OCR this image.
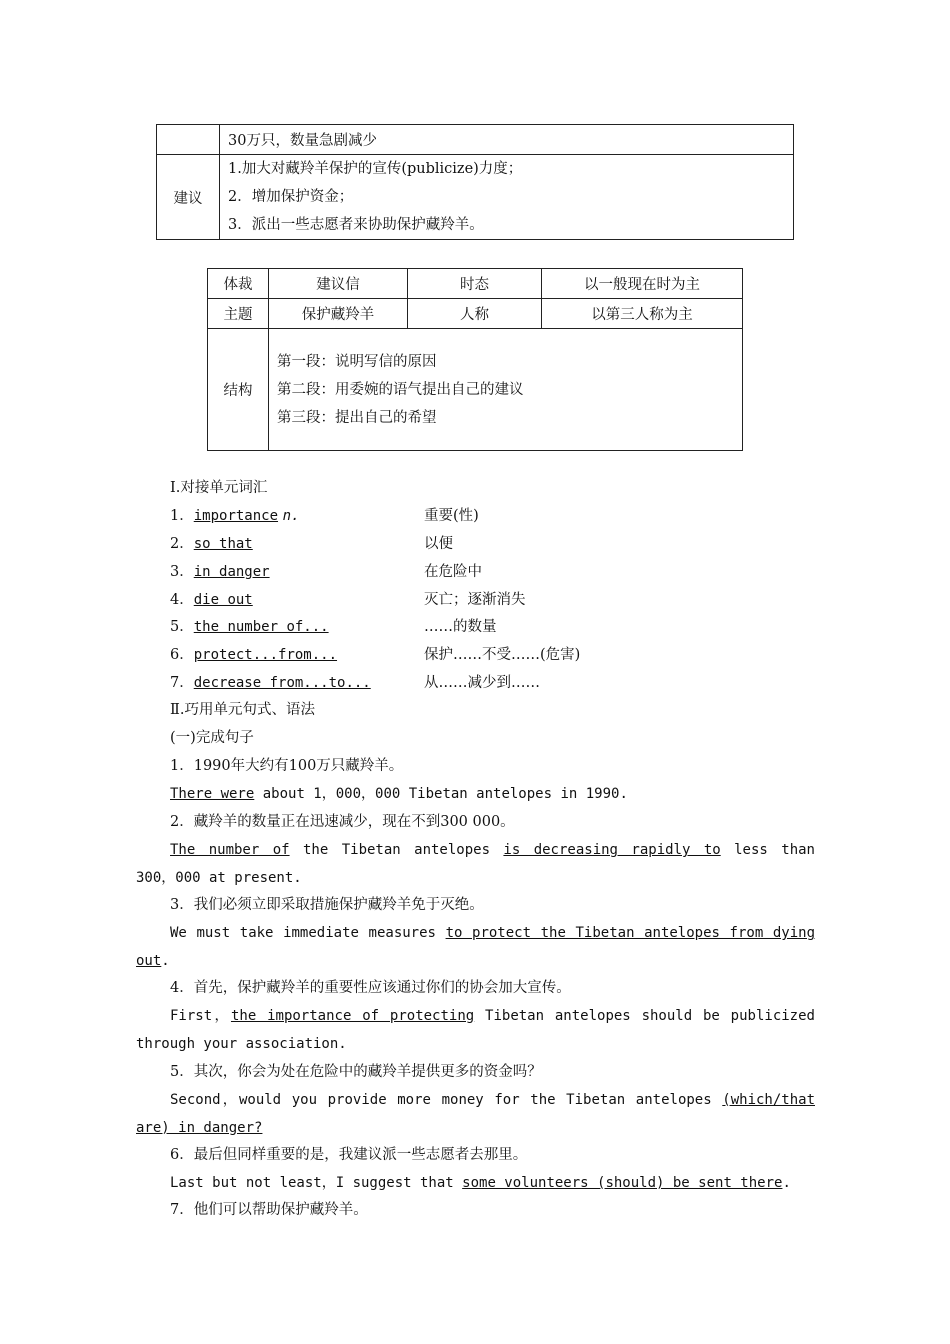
	30万只，数量急剧减少
建议	1.加大对藏羚羊保护的宣传(publicize)力度；
2．增加保护资金；
3．派出一些志愿者来协助保护藏羚羊。
体裁	建议信	时态	以一般现在时为主
主题	保护藏羚羊	人称	以第三人称为主
结构	第一段：说明写信的原因
第二段：用委婉的语气提出自己的建议
第三段：提出自己的希望		
Ⅰ.对接单元词汇
1．importance n.	重要(性)
2．so that	以便
3．in danger	在危险中
4．die out	灭亡；逐渐消失
5．the number of...	……的数量
6．protect...from...	保护……不受……(危害)
7．decrease from...to...	从……减少到……
Ⅱ.巧用单元句式、语法
(一)完成句子
1．1990年大约有100万只藏羚羊。
There were about 1，000，000 Tibetan antelopes in 1990.
2．藏羚羊的数量正在迅速减少，现在不到300 000。
The number of the Tibetan antelopes is decreasing rapidly to less than
300，000 at present.
3．我们必须立即采取措施保护藏羚羊免于灭绝。
We must take immediate measures to protect the Tibetan antelopes from dying
out.
4．首先，保护藏羚羊的重要性应该通过你们的协会加大宣传。
First，the importance of protecting Tibetan antelopes should be publicized
through your association.
5．其次，你会为处在危险中的藏羚羊提供更多的资金吗？
Second，would you provide more money for the Tibetan antelopes (which/that
are) in danger?
6．最后但同样重要的是，我建议派一些志愿者去那里。
Last but not least，I suggest that some volunteers (should) be sent there.
7．他们可以帮助保护藏羚羊。
